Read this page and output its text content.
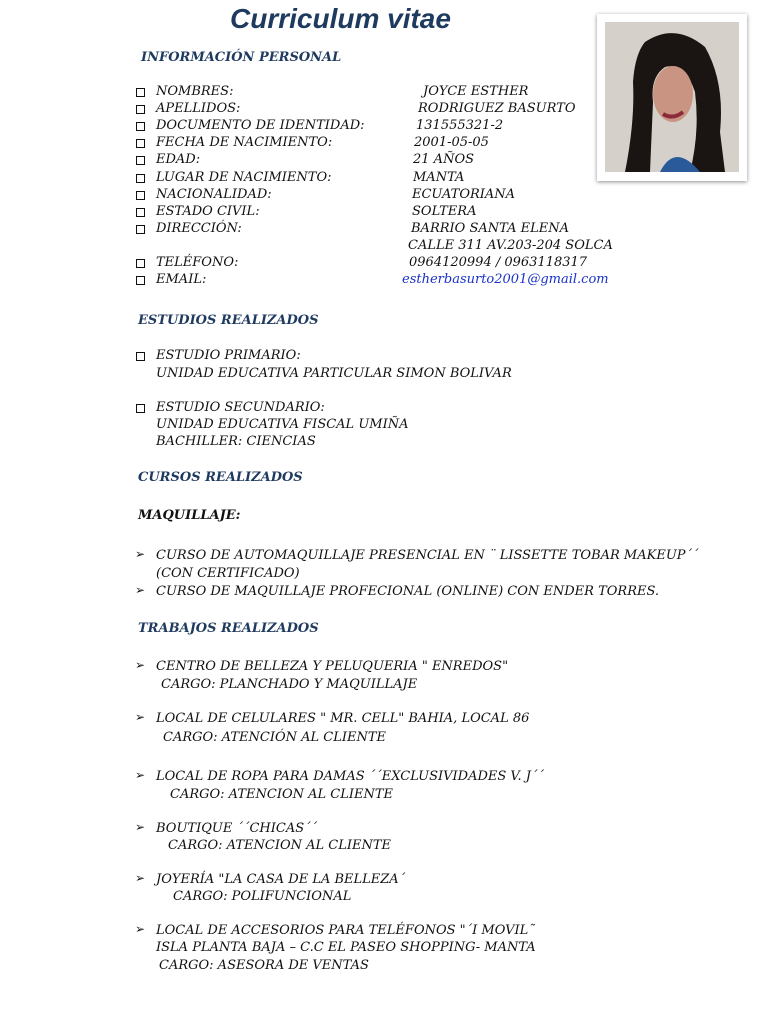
Curriculum vitae
INFORMACIÓN PERSONAL
NOMBRES:	JOYCE ESTHER
APELLIDOS:	RODRIGUEZ BASURTO
DOCUMENTO DE IDENTIDAD:	131555321-2
FECHA DE NACIMIENTO:	2001-05-05
EDAD:	21 AÑOS
LUGAR DE NACIMIENTO:	MANTA
NACIONALIDAD:	ECUATORIANA
ESTADO CIVIL:	SOLTERA
DIRECCIÓN:	BARRIO SANTA ELENA
CALLE 311 AV.203-204 SOLCA
TELÉFONO:	0964120994 / 0963118317
EMAIL:	estherbasurto2001@gmail.com
ESTUDIOS REALIZADOS
ESTUDIO PRIMARIO:
UNIDAD EDUCATIVA PARTICULAR SIMON BOLIVAR
ESTUDIO SECUNDARIO:
UNIDAD EDUCATIVA FISCAL UMIÑA
BACHILLER: CIENCIAS
CURSOS REALIZADOS
MAQUILLAJE:
➢ CURSO DE AUTOMAQUILLAJE PRESENCIAL EN ¨ LISSETTE TOBAR MAKEUP´´
(CON CERTIFICADO)
➢ CURSO DE MAQUILLAJE PROFECIONAL (ONLINE) CON ENDER TORRES.
TRABAJOS REALIZADOS
➢ CENTRO DE BELLEZA Y PELUQUERIA " ENREDOS"
CARGO: PLANCHADO Y MAQUILLAJE
➢ LOCAL DE CELULARES " MR. CELL" BAHIA, LOCAL 86
CARGO: ATENCIÓN AL CLIENTE
➢ LOCAL DE ROPA PARA DAMAS ´´EXCLUSIVIDADES V. J´´
CARGO: ATENCION AL CLIENTE
➢ BOUTIQUE ´´CHICAS´´
CARGO: ATENCION AL CLIENTE
➢ JOYERÍA "LA CASA DE LA BELLEZA´
CARGO: POLIFUNCIONAL
➢ LOCAL DE ACCESORIOS PARA TELÉFONOS "´I MOVIL˜
ISLA PLANTA BAJA – C.C EL PASEO SHOPPING- MANTA
CARGO: ASESORA DE VENTAS
